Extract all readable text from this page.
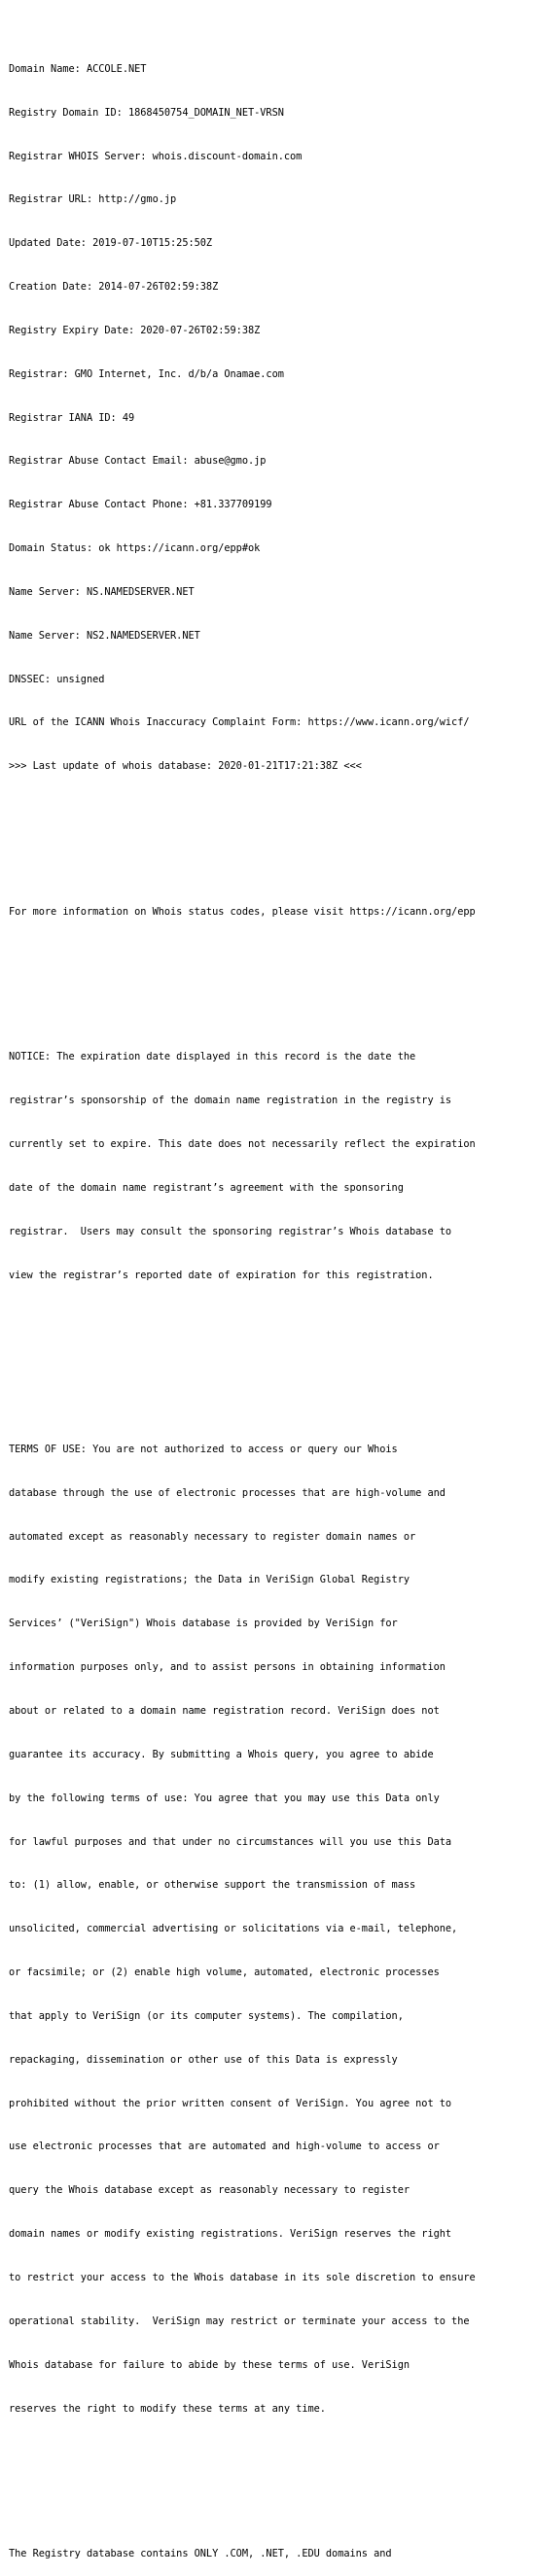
Domain Name: ACCOLE.NET

Registry Domain ID: 1868450754_DOMAIN_NET-VRSN

Registrar WHOIS Server: whois.discount-domain.com

Registrar URL: http://gmo.jp

Updated Date: 2019-07-10T15:25:50Z

Creation Date: 2014-07-26T02:59:38Z

Registry Expiry Date: 2020-07-26T02:59:38Z

Registrar: GMO Internet, Inc. d/b/a Onamae.com

Registrar IANA ID: 49

Registrar Abuse Contact Email: abuse@gmo.jp

Registrar Abuse Contact Phone: +81.337709199

Domain Status: ok https://icann.org/epp#ok

Name Server: NS.NAMEDSERVER.NET

Name Server: NS2.NAMEDSERVER.NET

DNSSEC: unsigned

URL of the ICANN Whois Inaccuracy Complaint Form: https://www.icann.org/wicf/

>>> Last update of whois database: 2020-01-21T17:21:38Z <<<

For more information on Whois status codes, please visit https://icann.org/epp

NOTICE: The expiration date displayed in this record is the date the

registrar’s sponsorship of the domain name registration in the registry is

currently set to expire. This date does not necessarily reflect the expiration

date of the domain name registrant’s agreement with the sponsoring

registrar.  Users may consult the sponsoring registrar’s Whois database to

view the registrar’s reported date of expiration for this registration.

TERMS OF USE: You are not authorized to access or query our Whois

database through the use of electronic processes that are high-volume and

automated except as reasonably necessary to register domain names or

modify existing registrations; the Data in VeriSign Global Registry

Services’ ("VeriSign") Whois database is provided by VeriSign for

information purposes only, and to assist persons in obtaining information

about or related to a domain name registration record. VeriSign does not

guarantee its accuracy. By submitting a Whois query, you agree to abide

by the following terms of use: You agree that you may use this Data only

for lawful purposes and that under no circumstances will you use this Data

to: (1) allow, enable, or otherwise support the transmission of mass

unsolicited, commercial advertising or solicitations via e-mail, telephone,

or facsimile; or (2) enable high volume, automated, electronic processes

that apply to VeriSign (or its computer systems). The compilation,

repackaging, dissemination or other use of this Data is expressly

prohibited without the prior written consent of VeriSign. You agree not to

use electronic processes that are automated and high-volume to access or

query the Whois database except as reasonably necessary to register

domain names or modify existing registrations. VeriSign reserves the right

to restrict your access to the Whois database in its sole discretion to ensure

operational stability.  VeriSign may restrict or terminate your access to the

Whois database for failure to abide by these terms of use. VeriSign

reserves the right to modify these terms at any time.

The Registry database contains ONLY .COM, .NET, .EDU domains and
